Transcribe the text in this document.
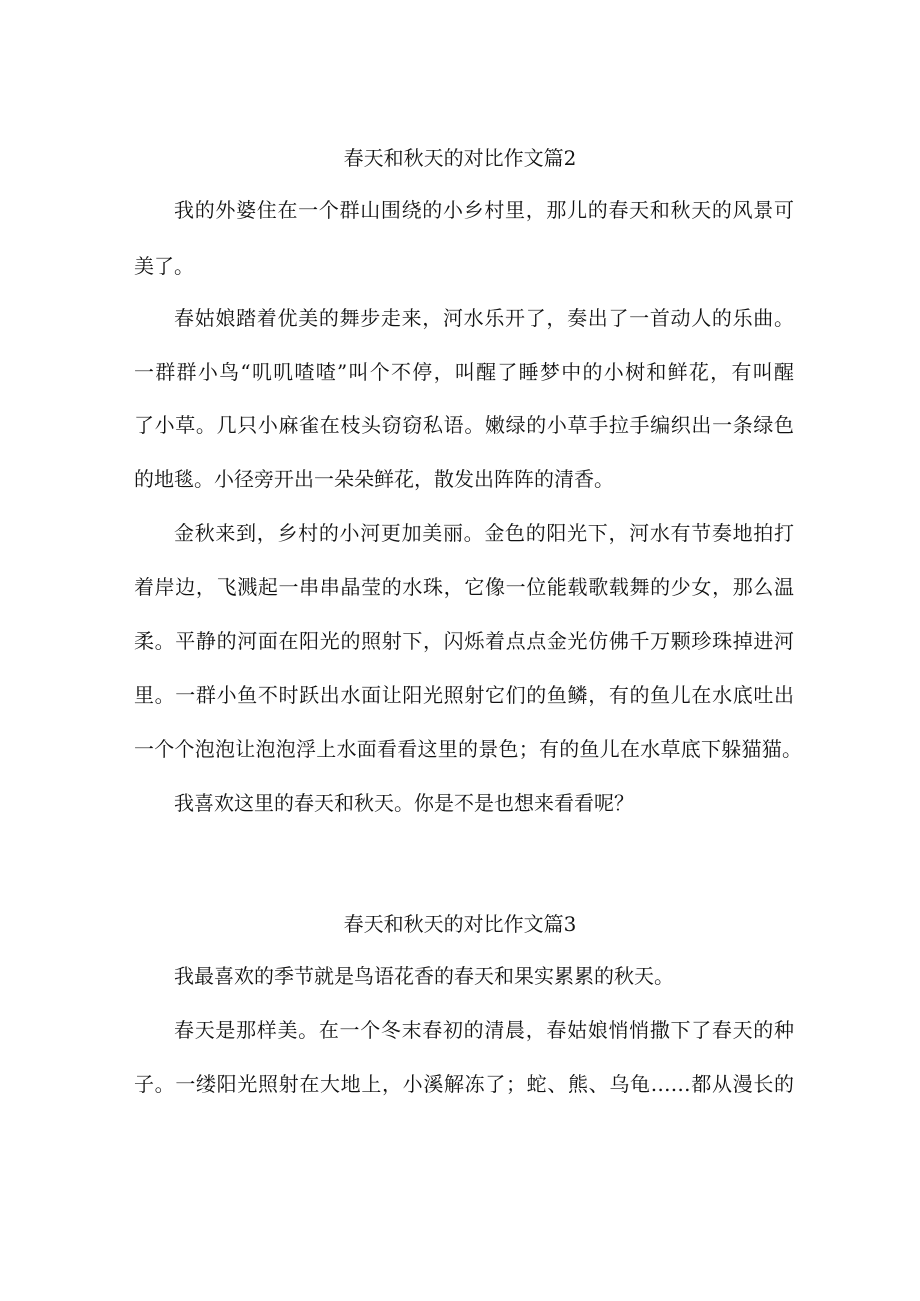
春天和秋天的对比作文篇2

我的外婆住在一个群山围绕的小乡村里，那儿的春天和秋天的风景可

美了。

春姑娘踏着优美的舞步走来，河水乐开了，奏出了一首动人的乐曲。

一群群小鸟“叽叽喳喳”叫个不停，叫醒了睡梦中的小树和鲜花，有叫醒

了小草。几只小麻雀在枝头窃窃私语。嫩绿的小草手拉手编织出一条绿色

的地毯。小径旁开出一朵朵鲜花，散发出阵阵的清香。

金秋来到，乡村的小河更加美丽。金色的阳光下，河水有节奏地拍打

着岸边，飞溅起一串串晶莹的水珠，它像一位能载歌载舞的少女，那么温

柔。平静的河面在阳光的照射下，闪烁着点点金光仿佛千万颗珍珠掉进河

里。一群小鱼不时跃出水面让阳光照射它们的鱼鳞，有的鱼儿在水底吐出

一个个泡泡让泡泡浮上水面看看这里的景色；有的鱼儿在水草底下躲猫猫。

我喜欢这里的春天和秋天。你是不是也想来看看呢？

春天和秋天的对比作文篇3

我最喜欢的季节就是鸟语花香的春天和果实累累的秋天。

春天是那样美。在一个冬末春初的清晨，春姑娘悄悄撒下了春天的种

子。一缕阳光照射在大地上，小溪解冻了；蛇、熊、乌龟……都从漫长的
